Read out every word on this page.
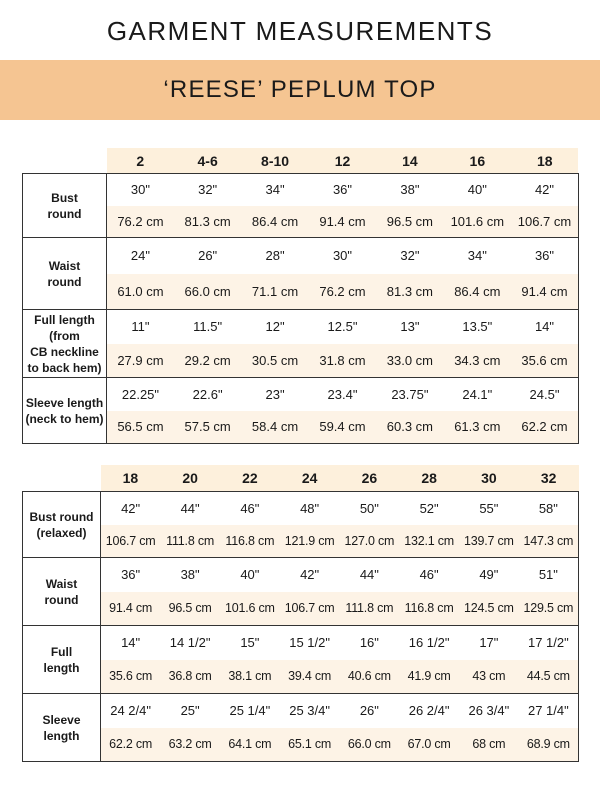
GARMENT MEASUREMENTS
‘REESE’ PEPLUM TOP
	2	4-6	8-10	12	14	16	18

Bust
round	30"	32"	34"	36"	38"	40"	42"
	76.2 cm	81.3 cm	86.4 cm	91.4 cm	96.5 cm	101.6 cm	106.7 cm

Waist
round	24"	26"	28"	30"	32"	34"	36"
	61.0 cm	66.0 cm	71.1 cm	76.2 cm	81.3 cm	86.4 cm	91.4 cm

Full length
(from
CB neckline
to back hem)	11"	11.5"	12"	12.5"	13"	13.5"	14"
	27.9 cm	29.2 cm	30.5 cm	31.8 cm	33.0 cm	34.3 cm	35.6 cm

Sleeve length
(neck to hem)	22.25"	22.6"	23"	23.4"	23.75"	24.1"	24.5"
	56.5 cm	57.5 cm	58.4 cm	59.4 cm	60.3 cm	61.3 cm	62.2 cm
	18	20	22	24	26	28	30	32

Bust round
(relaxed)	42"	44"	46"	48"	50"	52"	55"	58"
	106.7 cm	111.8 cm	116.8 cm	121.9 cm	127.0 cm	132.1 cm	139.7 cm	147.3 cm

Waist
round	36"	38"	40"	42"	44"	46"	49"	51"
	91.4 cm	96.5 cm	101.6 cm	106.7 cm	111.8 cm	116.8 cm	124.5 cm	129.5 cm

Full
length	14"	14 1/2"	15"	15 1/2"	16"	16 1/2"	17"	17 1/2"
	35.6 cm	36.8 cm	38.1 cm	39.4 cm	40.6 cm	41.9 cm	43 cm	44.5 cm

Sleeve
length	24 2/4"	25"	25 1/4"	25 3/4"	26"	26 2/4"	26 3/4"	27 1/4"
	62.2 cm	63.2 cm	64.1 cm	65.1 cm	66.0 cm	67.0 cm	68 cm	68.9 cm
